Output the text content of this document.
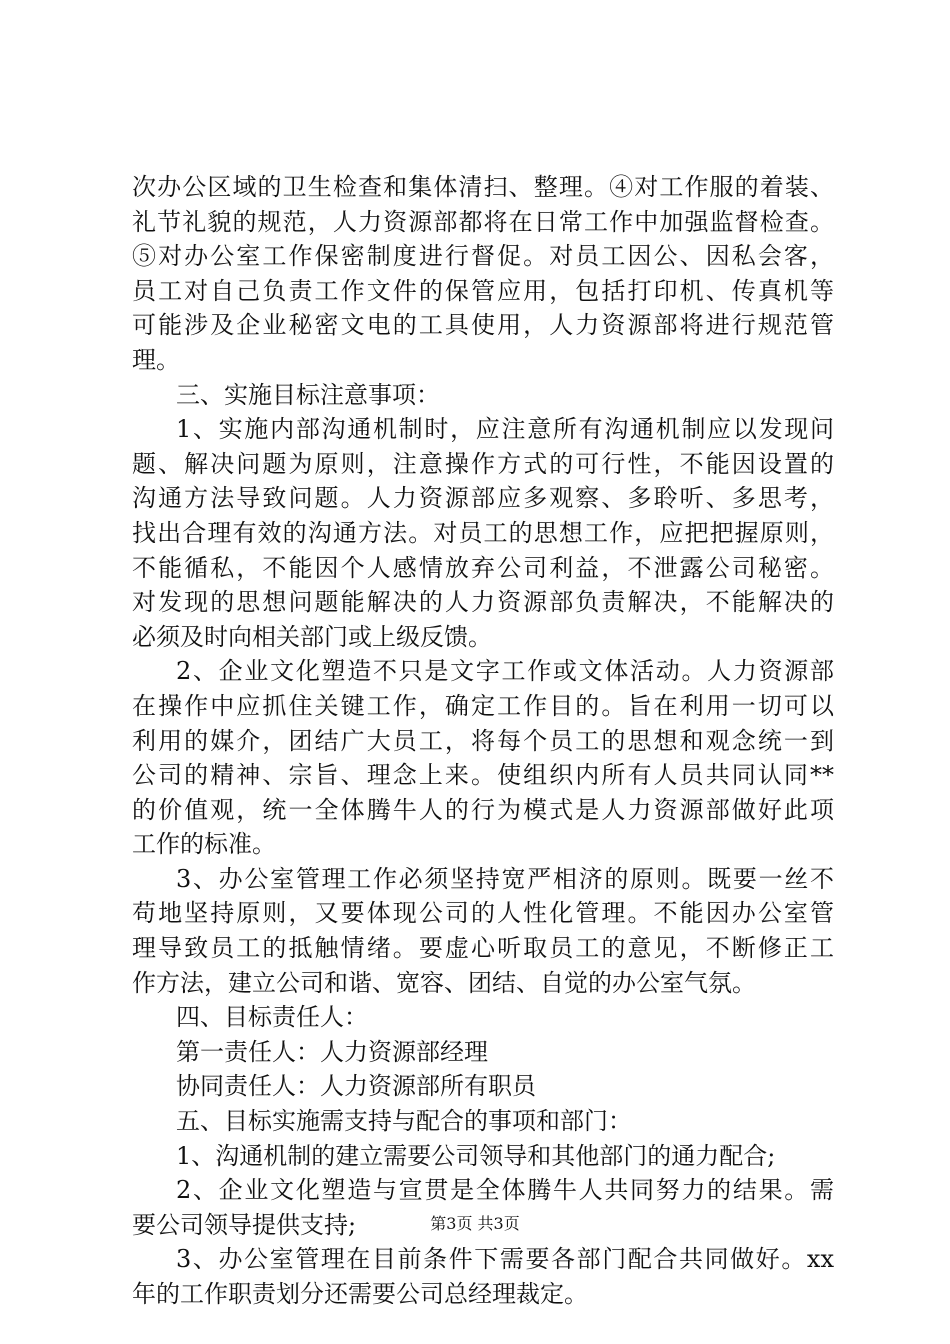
次办公区域的卫生检查和集体清扫、整理。④对工作服的着装、
礼节礼貌的规范，人力资源部都将在日常工作中加强监督检查。
⑤对办公室工作保密制度进行督促。对员工因公、因私会客，
员工对自己负责工作文件的保管应用，包括打印机、传真机等
可能涉及企业秘密文电的工具使用，人力资源部将进行规范管
理。
三、实施目标注意事项：
1、实施内部沟通机制时，应注意所有沟通机制应以发现问
题、解决问题为原则，注意操作方式的可行性，不能因设置的
沟通方法导致问题。人力资源部应多观察、多聆听、多思考，
找出合理有效的沟通方法。对员工的思想工作，应把把握原则，
不能循私，不能因个人感情放弃公司利益，不泄露公司秘密。
对发现的思想问题能解决的人力资源部负责解决，不能解决的
必须及时向相关部门或上级反馈。
2、企业文化塑造不只是文字工作或文体活动。人力资源部
在操作中应抓住关键工作，确定工作目的。旨在利用一切可以
利用的媒介，团结广大员工，将每个员工的思想和观念统一到
公司的精神、宗旨、理念上来。使组织内所有人员共同认同**
的价值观，统一全体腾牛人的行为模式是人力资源部做好此项
工作的标准。
3、办公室管理工作必须坚持宽严相济的原则。既要一丝不
苟地坚持原则，又要体现公司的人性化管理。不能因办公室管
理导致员工的抵触情绪。要虚心听取员工的意见，不断修正工
作方法，建立公司和谐、宽容、团结、自觉的办公室气氛。
四、目标责任人：
第一责任人：人力资源部经理
协同责任人：人力资源部所有职员
五、目标实施需支持与配合的事项和部门：
1、沟通机制的建立需要公司领导和其他部门的通力配合;
2、企业文化塑造与宣贯是全体腾牛人共同努力的结果。需
要公司领导提供支持;
3、办公室管理在目前条件下需要各部门配合共同做好。xx
年的工作职责划分还需要公司总经理裁定。
第3页 共3页
